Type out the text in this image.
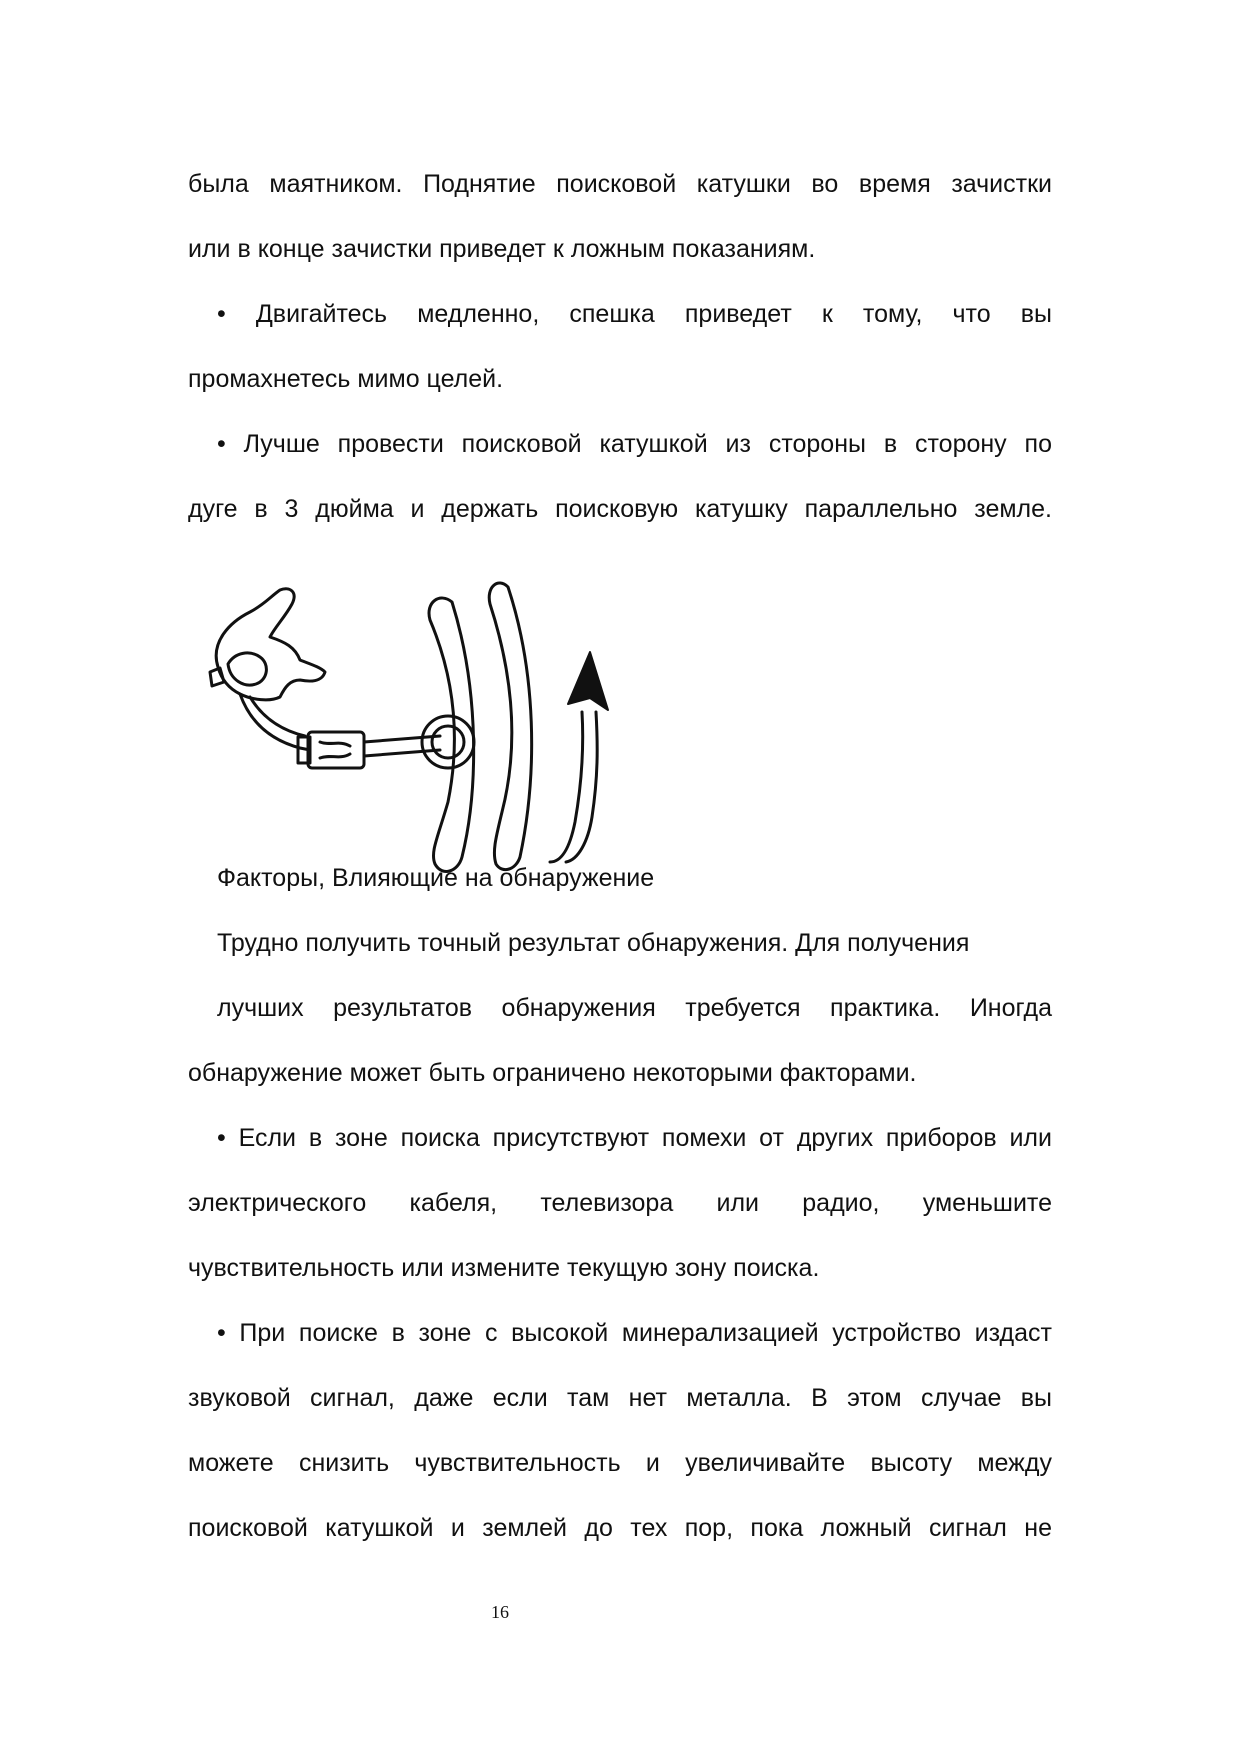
была маятником. Поднятие поисковой катушки во время зачистки
или в конце зачистки приведет к ложным показаниям.
• Двигайтесь медленно, спешка приведет к тому, что вы
промахнетесь мимо целей.
• Лучше провести поисковой катушкой из стороны в сторону по
дуге в 3 дюйма и держать поисковую катушку параллельно земле.
Факторы, Влияющие на обнаружение
Трудно получить точный результат обнаружения. Для получения
лучших результатов обнаружения требуется практика. Иногда
обнаружение может быть ограничено некоторыми факторами.
• Если в зоне поиска присутствуют помехи от других приборов или
электрического кабеля, телевизора или радио, уменьшите
чувствительность или измените текущую зону поиска.
• При поиске в зоне с высокой минерализацией устройство издаст
звуковой сигнал, даже если там нет металла. В этом случае вы
можете снизить чувствительность и увеличивайте высоту между
поисковой катушкой и землей до тех пор, пока ложный сигнал не
16
